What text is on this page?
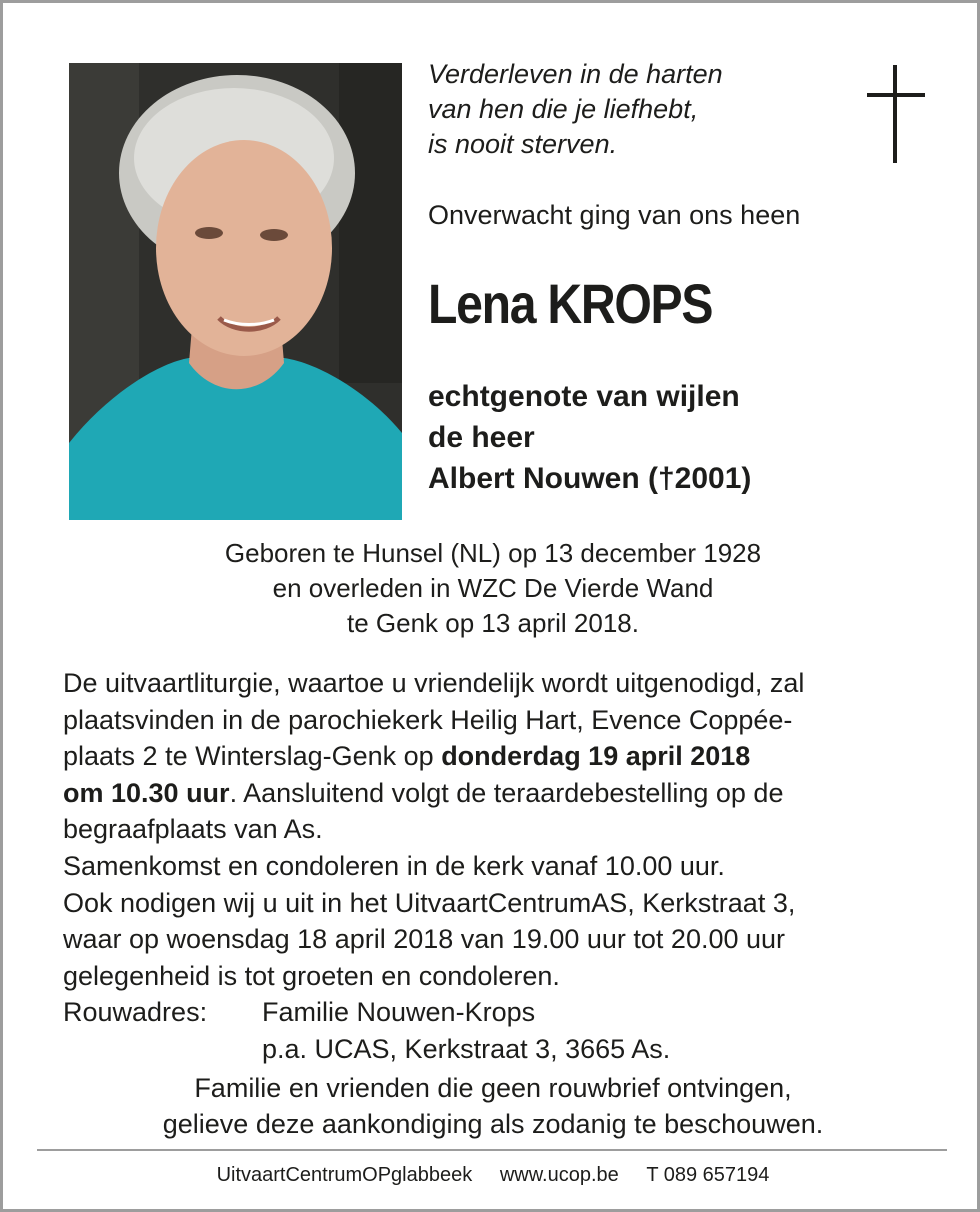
Verderleven in de harten
van hen die je liefhebt,
is nooit sterven.
Onverwacht ging van ons heen
Lena KROPS
echtgenote van wijlen
de heer
Albert Nouwen (†2001)
Geboren te Hunsel (NL) op 13 december 1928
en overleden in WZC De Vierde Wand
te Genk op 13 april 2018.
De uitvaartliturgie, waartoe u vriendelijk wordt uitgenodigd, zal
plaatsvinden in de parochiekerk Heilig Hart, Evence Coppée-
plaats 2 te Winterslag-Genk op donderdag 19 april 2018
om 10.30 uur. Aansluitend volgt de teraardebestelling op de
begraafplaats van As.
Samenkomst en condoleren in de kerk vanaf 10.00 uur.
Ook nodigen wij u uit in het UitvaartCentrumAS, Kerkstraat 3,
waar op woensdag 18 april 2018 van 19.00 uur tot 20.00 uur
gelegenheid is tot groeten en condoleren.
Rouwadres: Familie Nouwen-Krops
p.a. UCAS, Kerkstraat 3, 3665 As.
Familie en vrienden die geen rouwbrief ontvingen,
gelieve deze aankondiging als zodanig te beschouwen.
UitvaartCentrumOPglabbeek www.ucop.be T 089 657194
